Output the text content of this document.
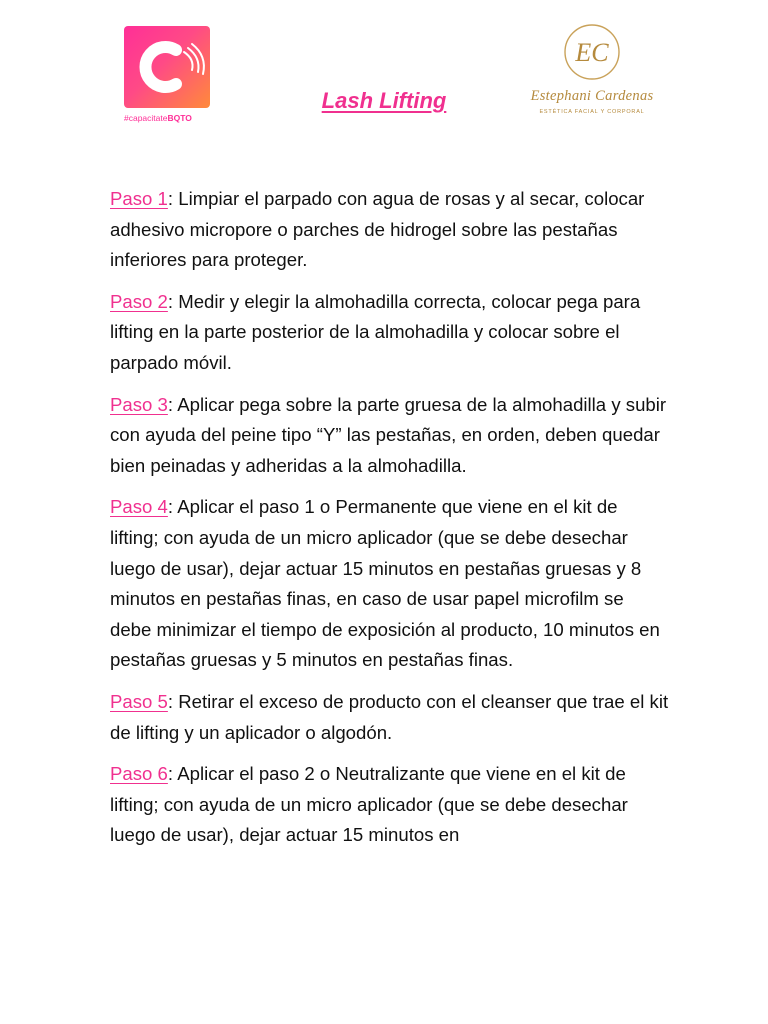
#capacitateBQTO
EC
Estephani Cardenas
ESTÉTICA FACIAL Y CORPORAL
Lash Lifting

Paso 1: Limpiar el parpado con agua de rosas y al secar, colocar adhesivo micropore o parches de hidrogel sobre las pestañas inferiores para proteger.

Paso 2: Medir y elegir la almohadilla correcta, colocar pega para lifting en la parte posterior de la almohadilla y colocar sobre el parpado móvil.

Paso 3: Aplicar pega sobre la parte gruesa de la almohadilla y subir con ayuda del peine tipo “Y” las pestañas, en orden, deben quedar bien peinadas y adheridas a la almohadilla.

Paso 4: Aplicar el paso 1 o Permanente que viene en el kit de lifting; con ayuda de un micro aplicador (que se debe desechar luego de usar), dejar actuar 15 minutos en pestañas gruesas y 8 minutos en pestañas finas, en caso de usar papel microfilm se debe minimizar el tiempo de exposición al producto, 10 minutos en pestañas gruesas y 5 minutos en pestañas finas.

Paso 5: Retirar el exceso de producto con el cleanser que trae el kit de lifting y un aplicador o algodón.

Paso 6: Aplicar el paso 2 o Neutralizante que viene en el kit de lifting; con ayuda de un micro aplicador (que se debe desechar luego de usar), dejar actuar 15 minutos en
